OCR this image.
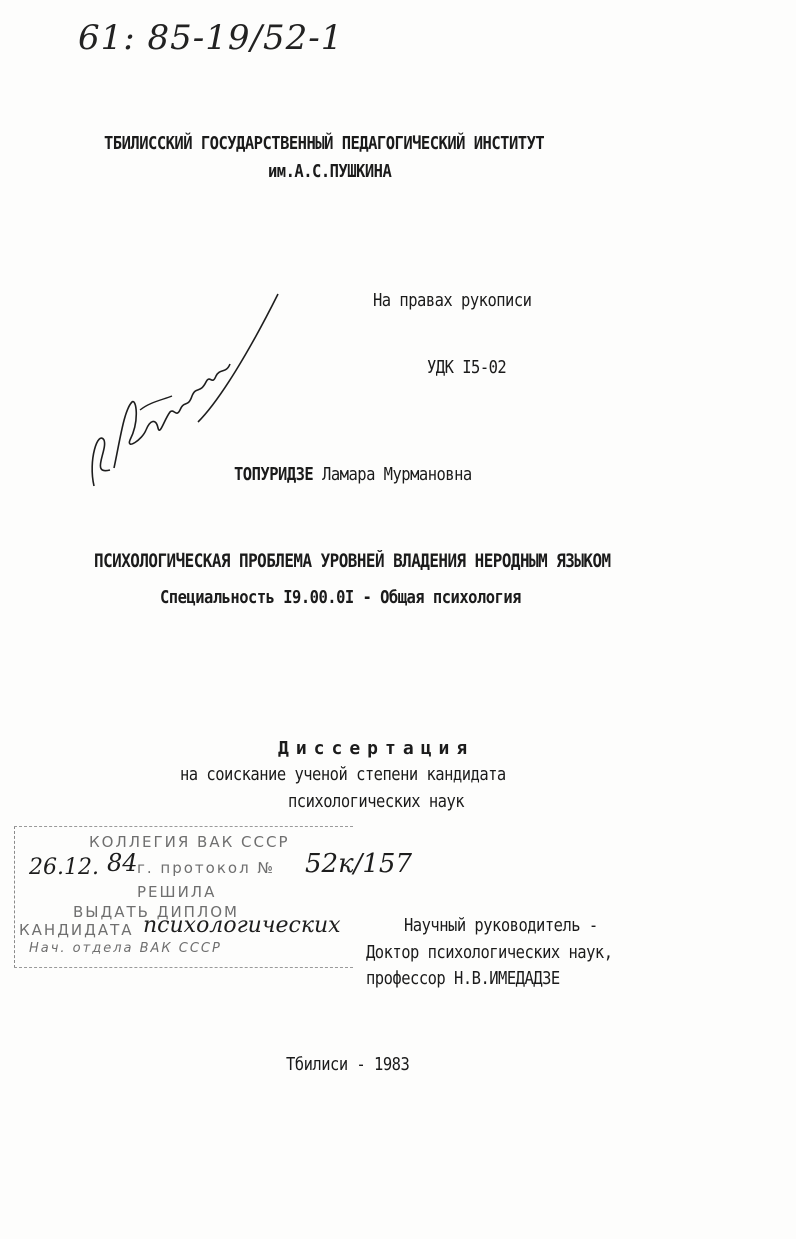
61: 85-19/52-1
ТБИЛИССКИЙ ГОСУДАРСТВЕННЫЙ ПЕДАГОГИЧЕСКИЙ ИНСТИТУТ
им.А.С.ПУШКИНА
На правах рукописи
УДК I5-02
Л. Топурия
ТОПУРИДЗЕ Ламара Мурмановна
ПСИХОЛОГИЧЕСКАЯ ПРОБЛЕМА УРОВНЕЙ ВЛАДЕНИЯ НЕРОДНЫМ ЯЗЫКОМ
Специальность I9.00.0I - Общая психология
Диссертация
на соискание ученой степени кандидата
психологических наук
КОЛЛЕГИЯ ВАК СССР
26.12. 84 г. протокол № 52к/157
РЕШИЛА
ВЫДАТЬ ДИПЛОМ
КАНДИДАТА психологических
Нач. отдела ВАК СССР
Научный руководитель -
Доктор психологических наук,
профессор Н.В.ИМЕДАДЗЕ
Тбилиси - 1983
